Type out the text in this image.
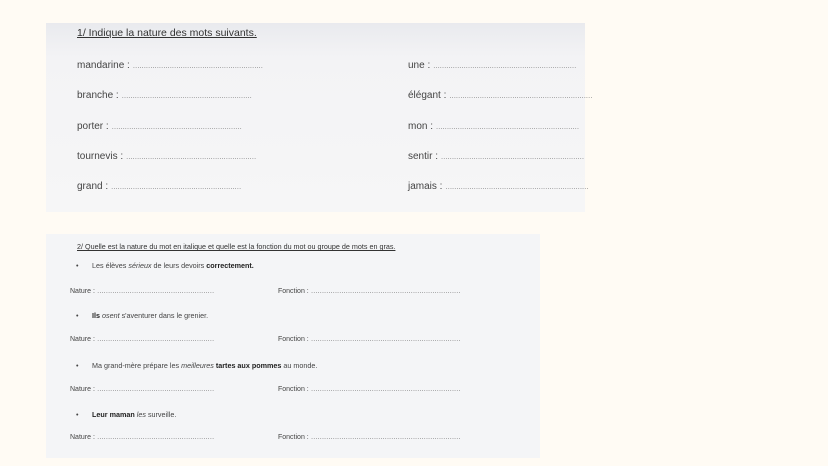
1/ Indique la nature des mots suivants.
mandarine : ……………………………………………………
branche : ……………………………………………………
porter : ……………………………………………………
tournevis : ……………………………………………………
grand : ……………………………………………………
une : …………………………………………………………
élégant : …………………………………………………………
mon : …………………………………………………………
sentir : …………………………………………………………
jamais : …………………………………………………………
2/ Quelle est la nature du mot en italique et quelle est la fonction du mot ou groupe de mots en gras.
• Les élèves sérieux de leurs devoirs correctement.
Nature : ………………………………………………	Fonction : ……………………………………………………………
• Ils osent s'aventurer dans le grenier.
Nature : ………………………………………………	Fonction : ……………………………………………………………
• Ma grand-mère prépare les meilleures tartes aux pommes au monde.
Nature : ………………………………………………	Fonction : ……………………………………………………………
• Leur maman les surveille.
Nature : ………………………………………………	Fonction : ……………………………………………………………
